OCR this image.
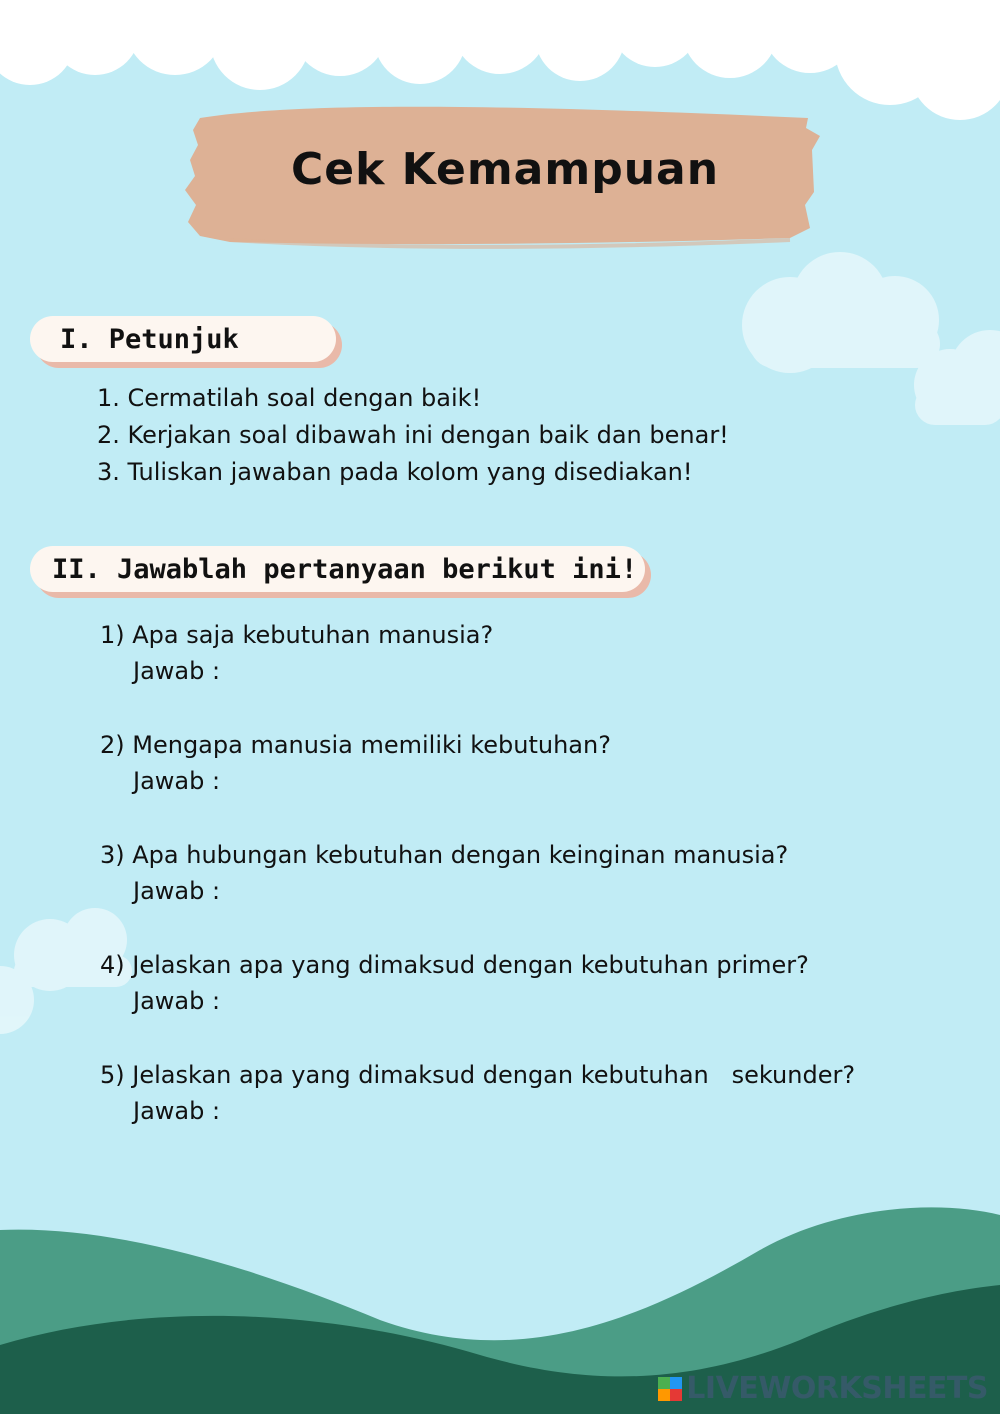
Cek Kemampuan
I. Petunjuk
1. Cermatilah soal dengan baik!
2. Kerjakan soal dibawah ini dengan baik dan benar!
3. Tuliskan jawaban pada kolom yang disediakan!
II. Jawablah pertanyaan berikut ini!
1) Apa saja kebutuhan manusia?
Jawab :
2) Mengapa manusia memiliki kebutuhan?
Jawab :
3) Apa hubungan kebutuhan dengan keinginan manusia?
Jawab :
4) Jelaskan apa yang dimaksud dengan kebutuhan primer?
Jawab :
5) Jelaskan apa yang dimaksud dengan kebutuhan   sekunder?
Jawab :
LIVEWORKSHEETS
